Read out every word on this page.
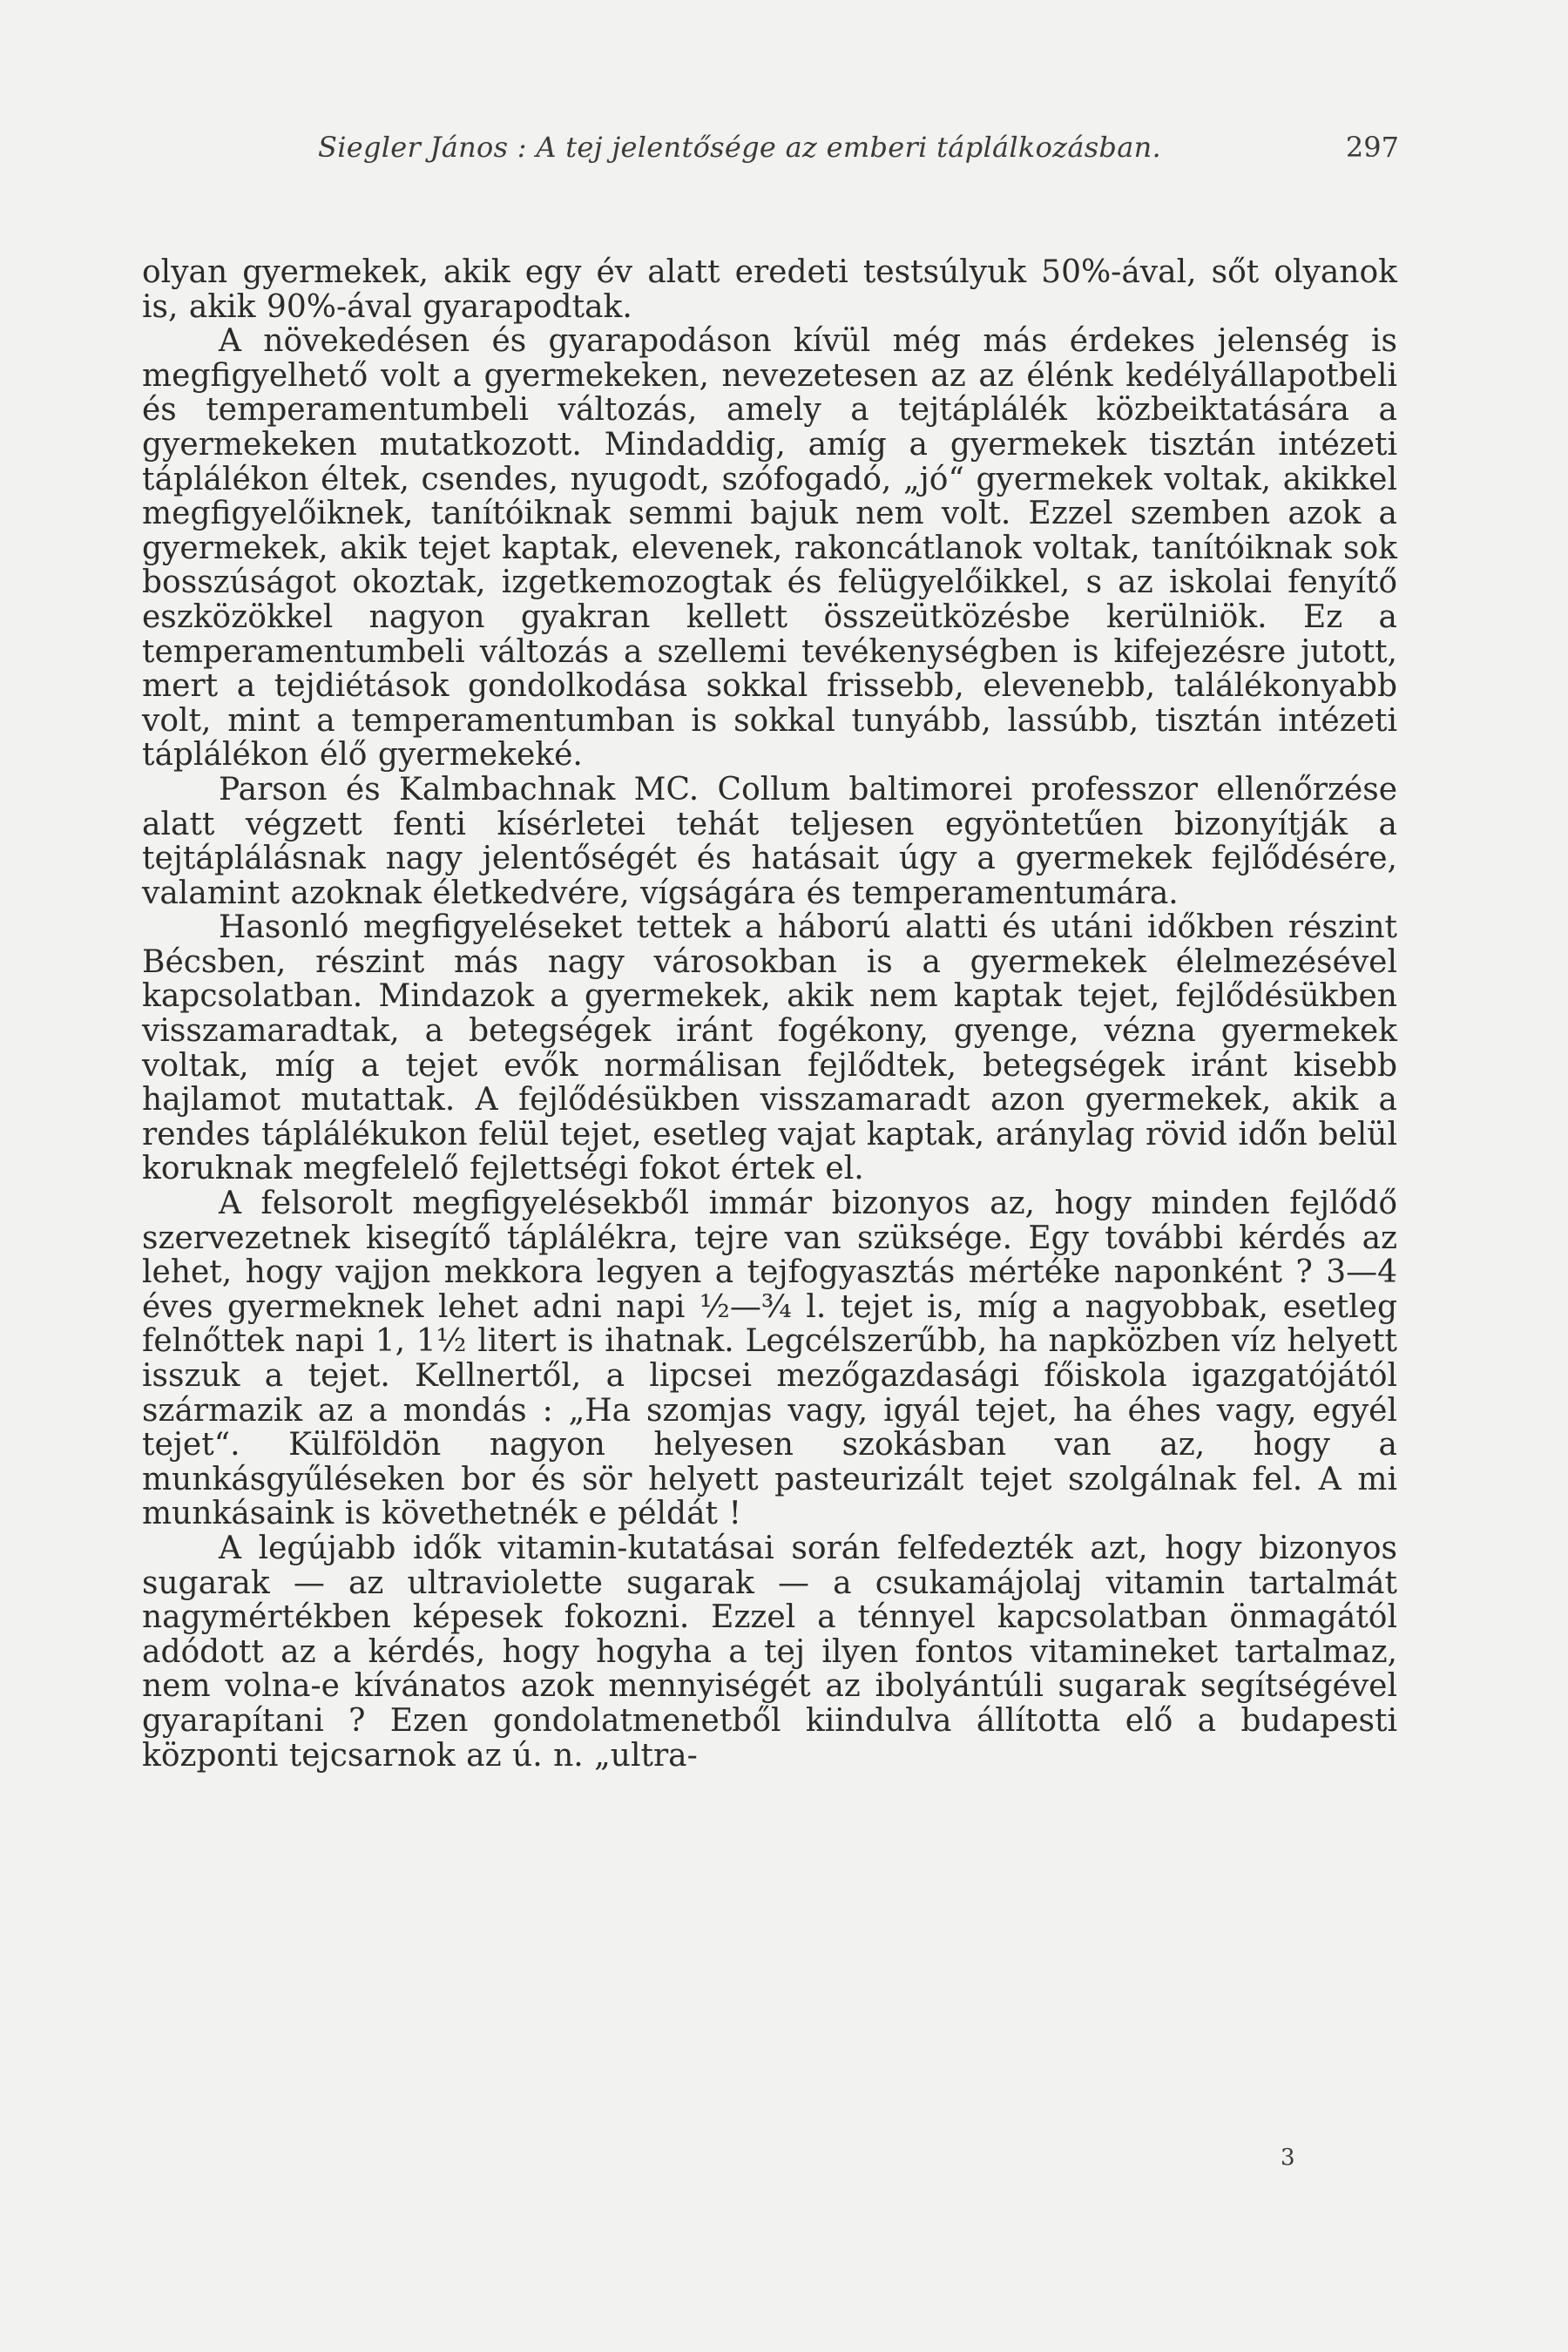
Siegler János : A tej jelentősége az emberi táplálkozásban.	297

olyan gyermekek, akik egy év alatt eredeti testsúlyuk 50%-ával, sőt olyanok is, akik 90%-ával gyarapodtak.

A növekedésen és gyarapodáson kívül még más érdekes jelenség is megfigyelhető volt a gyermekeken, nevezetesen az az élénk kedélyállapotbeli és temperamentumbeli változás, amely a tejtáplálék közbeiktatására a gyermekeken mutatkozott. Mindaddig, amíg a gyermekek tisztán intézeti táplálékon éltek, csendes, nyugodt, szófogadó, „jó“ gyermekek voltak, akikkel megfigyelőiknek, tanítóiknak semmi bajuk nem volt. Ezzel szemben azok a gyermekek, akik tejet kaptak, elevenek, rakoncátlanok voltak, tanítóiknak sok bosszúságot okoztak, izgetkemozogtak és felügyelőikkel, s az iskolai fenyítő eszközökkel nagyon gyakran kellett összeütközésbe kerülniök. Ez a temperamentumbeli változás a szellemi tevékenységben is kifejezésre jutott, mert a tejdiétások gondolkodása sokkal frissebb, elevenebb, találékonyabb volt, mint a temperamentumban is sokkal tunyább, lassúbb, tisztán intézeti táplálékon élő gyermekeké.

Parson és Kalmbachnak MC. Collum baltimorei professzor ellenőrzése alatt végzett fenti kísérletei tehát teljesen egyöntetűen bizonyítják a tejtáplálásnak nagy jelentőségét és hatásait úgy a gyermekek fejlődésére, valamint azoknak életkedvére, vígságára és temperamentumára.

Hasonló megfigyeléseket tettek a háború alatti és utáni időkben részint Bécsben, részint más nagy városokban is a gyermekek élelmezésével kapcsolatban. Mindazok a gyermekek, akik nem kaptak tejet, fejlődésükben visszamaradtak, a betegségek iránt fogékony, gyenge, vézna gyermekek voltak, míg a tejet evők normálisan fejlődtek, betegségek iránt kisebb hajlamot mutattak. A fejlődésükben visszamaradt azon gyermekek, akik a rendes táplálékukon felül tejet, esetleg vajat kaptak, aránylag rövid idő̋n belül koruknak megfelelő fejlettségi fokot értek el.

A felsorolt megfigyelésekből immár bizonyos az, hogy minden fejlődő szervezetnek kisegítő táplálékra, tejre van szüksége. Egy további kérdés az lehet, hogy vajjon mekkora legyen a tejfogyasztás mértéke naponként ? 3—4 éves gyermeknek lehet adni napi ½—¾ l. tejet is, míg a nagyobbak, esetleg felnőttek napi 1, 1½ litert is ihatnak. Legcélszerűbb, ha napközben víz helyett isszuk a tejet. Kellnertől, a lipcsei mezőgazdasági főiskola igazgatójától származik az a mondás : „Ha szomjas vagy, igyál tejet, ha éhes vagy, egyél tejet“. Külföldön nagyon helyesen szokásban van az, hogy a munkásgyűléseken bor és sör helyett pasteurizált tejet szolgálnak fel. A mi munkásaink is követhetnék e példát !

A legújabb idők vitamin-kutatásai során felfedezték azt, hogy bizonyos sugarak — az ultraviolette sugarak — a csukamájolaj vitamin tartalmát nagymértékben képesek fokozni. Ezzel a ténnyel kapcsolatban önmagától adódott az a kérdés, hogy hogyha a tej ilyen fontos vitamineket tartalmaz, nem volna-e kívánatos azok mennyiségét az ibolyántúli sugarak segítségével gyarapítani ? Ezen gondolatmenetből kiindulva állította elő a budapesti központi tejcsarnok az ú. n. „ultra-

3
